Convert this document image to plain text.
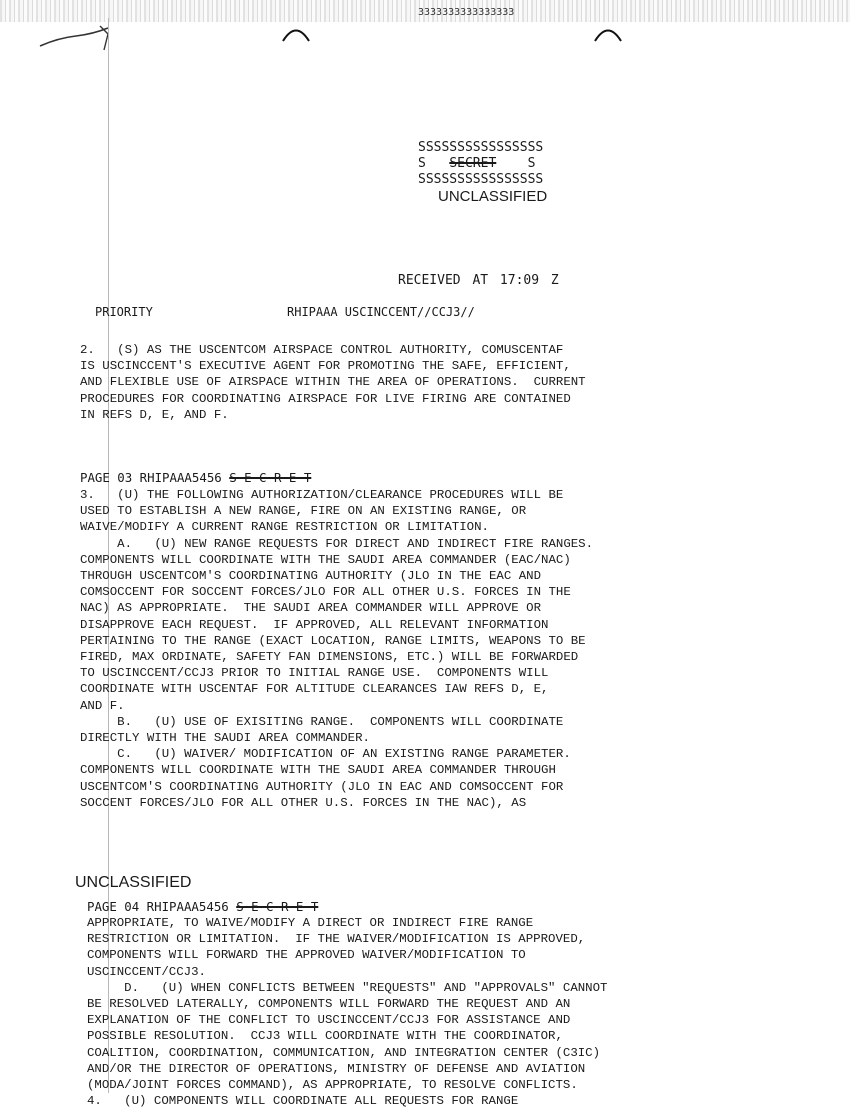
3333333333333333
SSSSSSSSSSSSSSSS
S SECRET S
SSSSSSSSSSSSSSSS
UNCLASSIFIED
RECEIVED AT 17:09 Z
PRIORITY	RHIPAAA USCINCCENT//CCJ3//
2.   (S) AS THE USCENTCOM AIRSPACE CONTROL AUTHORITY, COMUSCENTAF
IS USCINCCENT'S EXECUTIVE AGENT FOR PROMOTING THE SAFE, EFFICIENT,
AND FLEXIBLE USE OF AIRSPACE WITHIN THE AREA OF OPERATIONS.  CURRENT
PROCEDURES FOR COORDINATING AIRSPACE FOR LIVE FIRING ARE CONTAINED
IN REFS D, E, AND F.
PAGE 03 RHIPAAA5456 S E C R E T
3.   (U) THE FOLLOWING AUTHORIZATION/CLEARANCE PROCEDURES WILL BE
USED TO ESTABLISH A NEW RANGE, FIRE ON AN EXISTING RANGE, OR
WAIVE/MODIFY A CURRENT RANGE RESTRICTION OR LIMITATION.
A.   (U) NEW RANGE REQUESTS FOR DIRECT AND INDIRECT FIRE RANGES.
COMPONENTS WILL COORDINATE WITH THE SAUDI AREA COMMANDER (EAC/NAC)
THROUGH USCENTCOM'S COORDINATING AUTHORITY (JLO IN THE EAC AND
COMSOCCENT FOR SOCCENT FORCES/JLO FOR ALL OTHER U.S. FORCES IN THE
NAC) AS APPROPRIATE.  THE SAUDI AREA COMMANDER WILL APPROVE OR
DISAPPROVE EACH REQUEST.  IF APPROVED, ALL RELEVANT INFORMATION
PERTAINING TO THE RANGE (EXACT LOCATION, RANGE LIMITS, WEAPONS TO BE
FIRED, MAX ORDINATE, SAFETY FAN DIMENSIONS, ETC.) WILL BE FORWARDED
TO USCINCCENT/CCJ3 PRIOR TO INITIAL RANGE USE.  COMPONENTS WILL
COORDINATE WITH USCENTAF FOR ALTITUDE CLEARANCES IAW REFS D, E,
AND F.
B.   (U) USE OF EXISITING RANGE.  COMPONENTS WILL COORDINATE
DIRECTLY WITH THE SAUDI AREA COMMANDER.
C.   (U) WAIVER/ MODIFICATION OF AN EXISTING RANGE PARAMETER.
COMPONENTS WILL COORDINATE WITH THE SAUDI AREA COMMANDER THROUGH
USCENTCOM'S COORDINATING AUTHORITY (JLO IN EAC AND COMSOCCENT FOR
SOCCENT FORCES/JLO FOR ALL OTHER U.S. FORCES IN THE NAC), AS
UNCLASSIFIED
PAGE 04 RHIPAAA5456 S E C R E T
APPROPRIATE, TO WAIVE/MODIFY A DIRECT OR INDIRECT FIRE RANGE
RESTRICTION OR LIMITATION.  IF THE WAIVER/MODIFICATION IS APPROVED,
COMPONENTS WILL FORWARD THE APPROVED WAIVER/MODIFICATION TO
USCINCCENT/CCJ3.
D.   (U) WHEN CONFLICTS BETWEEN "REQUESTS" AND "APPROVALS" CANNOT
BE RESOLVED LATERALLY, COMPONENTS WILL FORWARD THE REQUEST AND AN
EXPLANATION OF THE CONFLICT TO USCINCCENT/CCJ3 FOR ASSISTANCE AND
POSSIBLE RESOLUTION.  CCJ3 WILL COORDINATE WITH THE COORDINATOR,
COALITION, COORDINATION, COMMUNICATION, AND INTEGRATION CENTER (C3IC)
AND/OR THE DIRECTOR OF OPERATIONS, MINISTRY OF DEFENSE AND AVIATION
(MODA/JOINT FORCES COMMAND), AS APPROPRIATE, TO RESOLVE CONFLICTS.
4.   (U) COMPONENTS WILL COORDINATE ALL REQUESTS FOR RANGE
